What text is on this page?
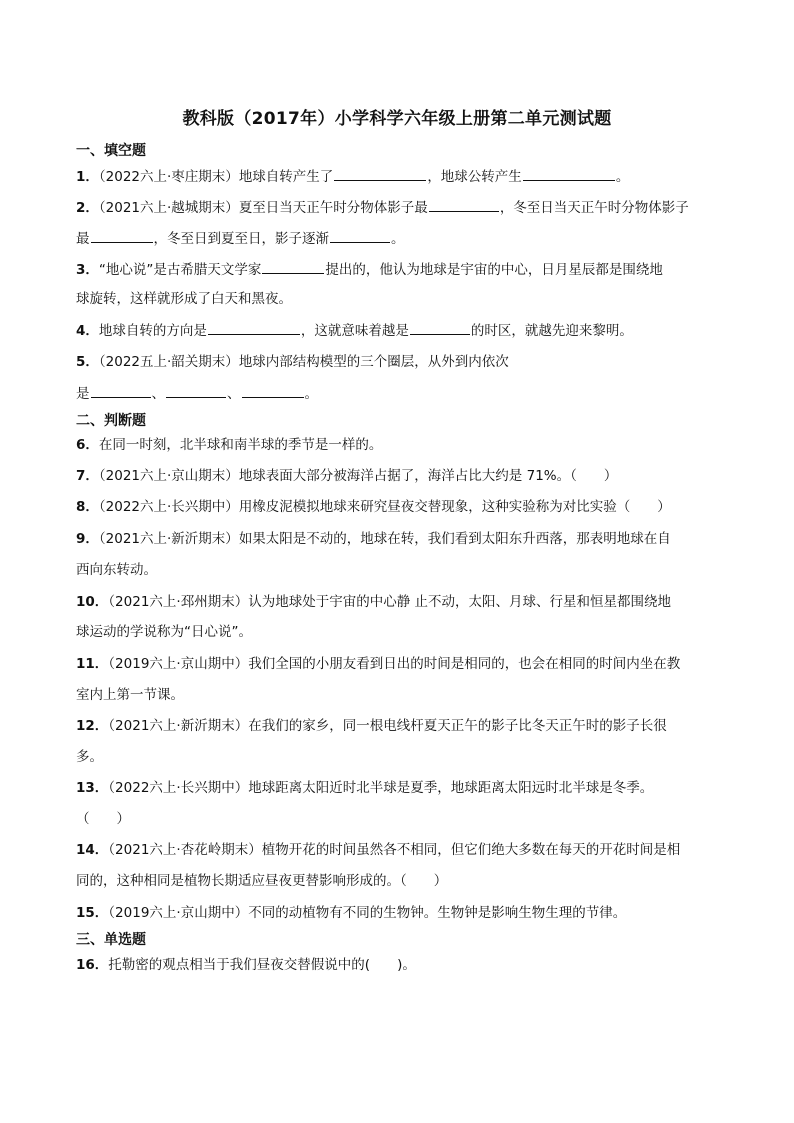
教科版（2017年）小学科学六年级上册第二单元测试题
一、填空题
1．（2022六上·枣庄期末）地球自转产生了	，地球公转产生	。
2．（2021六上·越城期末）夏至日当天正午时分物体影子最	，冬至日当天正午时分物体影子
最	，冬至日到夏至日，影子逐渐	。
3．“地心说”是古希腊天文学家	提出的，他认为地球是宇宙的中心，日月星辰都是围绕地
球旋转，这样就形成了白天和黑夜。
4．地球自转的方向是	，这就意味着越是	的时区，就越先迎来黎明。
5．（2022五上·韶关期末）地球内部结构模型的三个圈层，从外到内依次
是	、	、	。
二、判断题
6．在同一时刻，北半球和南半球的季节是一样的。
7．（2021六上·京山期末）地球表面大部分被海洋占据了，海洋占比大约是 71%。（　　）
8．（2022六上·长兴期中）用橡皮泥模拟地球来研究昼夜交替现象，这种实验称为对比实验（　　）
9．（2021六上·新沂期末）如果太阳是不动的，地球在转，我们看到太阳东升西落，那表明地球在自
西向东转动。
10．（2021六上·邳州期末）认为地球处于宇宙的中心静 止不动，太阳、月球、行星和恒星都围绕地
球运动的学说称为“日心说”。
11．（2019六上·京山期中）我们全国的小朋友看到日出的时间是相同的，也会在相同的时间内坐在教
室内上第一节课。
12．（2021六上·新沂期末）在我们的家乡，同一根电线杆夏天正午的影子比冬天正午时的影子长很
多。
13．（2022六上·长兴期中）地球距离太阳近时北半球是夏季，地球距离太阳远时北半球是冬季。
（　　）
14．（2021六上·杏花岭期末）植物开花的时间虽然各不相同，但它们绝大多数在每天的开花时间是相
同的，这种相同是植物长期适应昼夜更替影响形成的。（　　）
15．（2019六上·京山期中）不同的动植物有不同的生物钟。生物钟是影响生物生理的节律。
三、单选题
16．托勒密的观点相当于我们昼夜交替假说中的(　　)。
